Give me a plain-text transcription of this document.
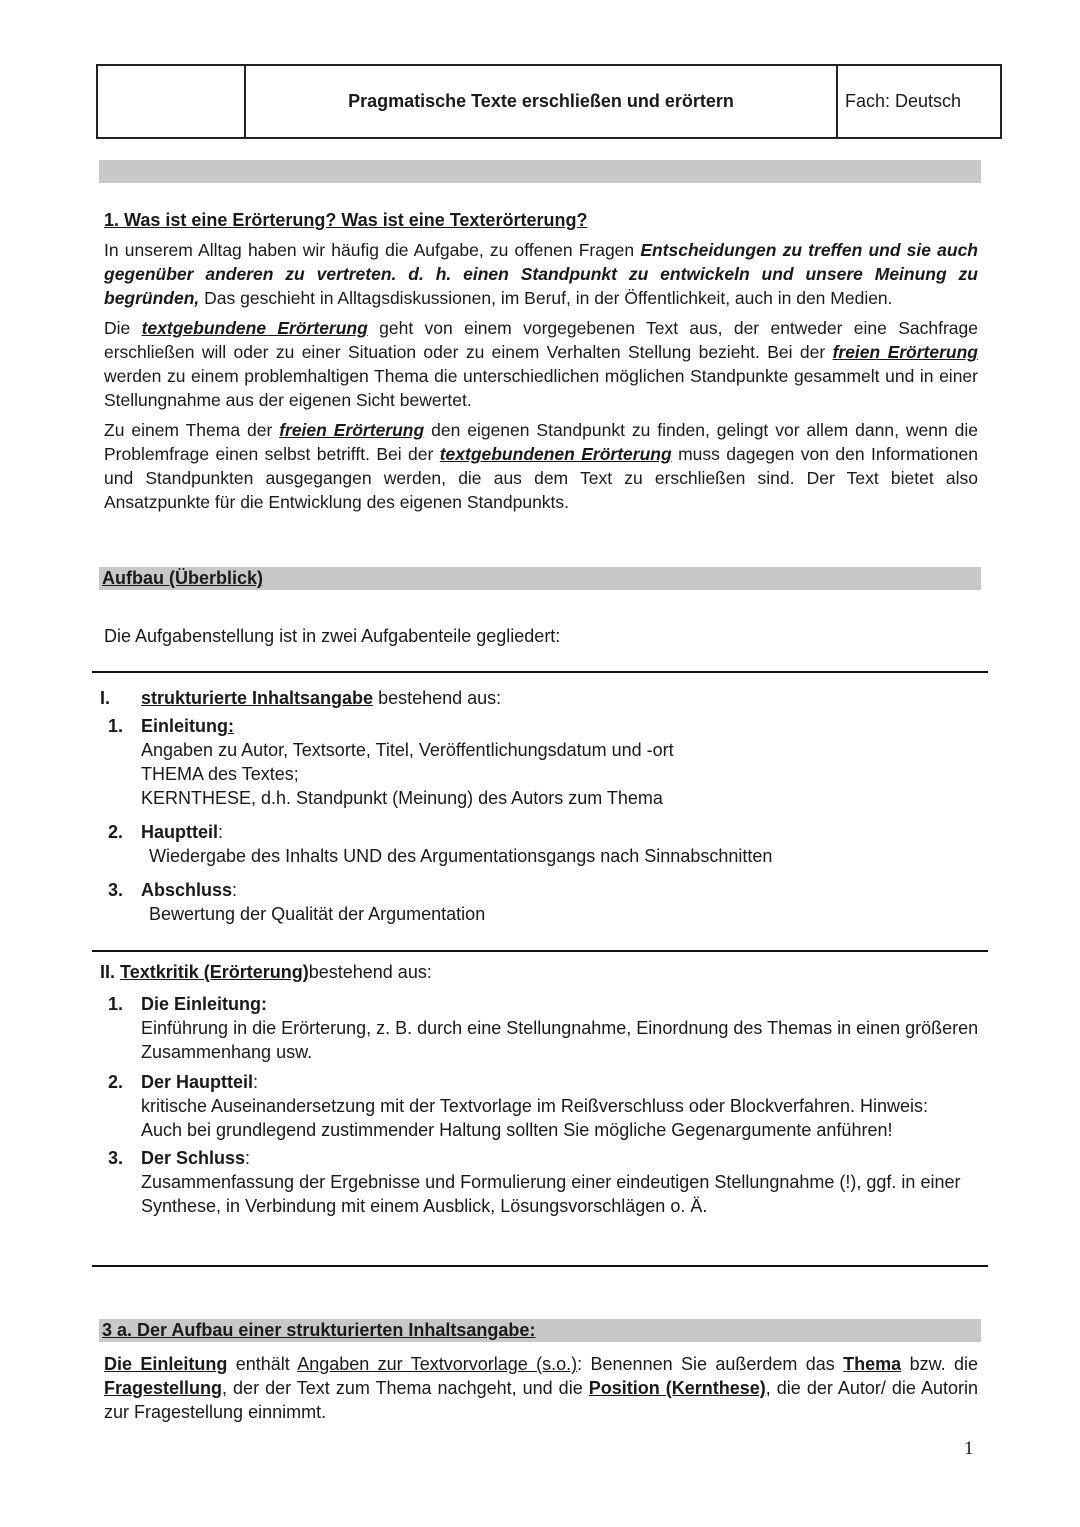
Pragmatische Texte erschließen und erörtern	Fach: Deutsch
1. Was ist eine Erörterung? Was ist eine Texterörterung?

In unserem Alltag haben wir häufig die Aufgabe, zu offenen Fragen Entscheidungen zu treffen und sie auch gegenüber anderen zu vertreten. d. h. einen Standpunkt zu entwickeln und unsere Meinung zu begründen, Das geschieht in Alltagsdiskussionen, im Beruf, in der Öffentlichkeit, auch in den Medien.

Die textgebundene Erörterung geht von einem vorgegebenen Text aus, der entweder eine Sachfrage erschließen will oder zu einer Situation oder zu einem Verhalten Stellung bezieht. Bei der freien Erörterung werden zu einem problemhaltigen Thema die unterschiedlichen möglichen Standpunkte gesammelt und in einer Stellungnahme aus der eigenen Sicht bewertet.

Zu einem Thema der freien Erörterung den eigenen Standpunkt zu finden, gelingt vor allem dann, wenn die Problemfrage einen selbst betrifft. Bei der textgebundenen Erörterung muss dagegen von den Informationen und Standpunkten ausgegangen werden, die aus dem Text zu erschließen sind. Der Text bietet also Ansatzpunkte für die Entwicklung des eigenen Standpunkts.

Aufbau (Überblick)
Die Aufgabenstellung ist in zwei Aufgabenteile gegliedert:
I.	strukturierte Inhaltsangabe bestehend aus:
1. Einleitung:
Angaben zu Autor, Textsorte, Titel, Veröffentlichungsdatum und -ort
THEMA des Textes;
KERNTHESE, d.h. Standpunkt (Meinung) des Autors zum Thema
2. Hauptteil:
Wiedergabe des Inhalts UND des Argumentationsgangs nach Sinnabschnitten
3. Abschluss:
Bewertung der Qualität der Argumentation
II.
Textkritik (Erörterung) bestehend aus:
1. Die Einleitung:
Einführung in die Erörterung, z. B. durch eine Stellungnahme, Einordnung des Themas in einen größeren Zusammenhang usw.
2. Der Hauptteil:
kritische Auseinandersetzung mit der Textvorlage im Reißverschluss oder Blockverfahren. Hinweis: Auch bei grundlegend zustimmender Haltung sollten Sie mögliche Gegenargumente anführen!
3. Der Schluss:
Zusammenfassung der Ergebnisse und Formulierung einer eindeutigen Stellungnahme (!), ggf. in einer Synthese, in Verbindung mit einem Ausblick, Lösungsvorschlägen o. Ä.
3 a. Der Aufbau einer strukturierten Inhaltsangabe:
Die Einleitung enthält Angaben zur Textvorvorlage (s.o.): Benennen Sie außerdem das Thema bzw. die Fragestellung, der der Text zum Thema nachgeht, und die Position (Kernthese), die der Autor/ die Autorin zur Fragestellung einnimmt.
1
